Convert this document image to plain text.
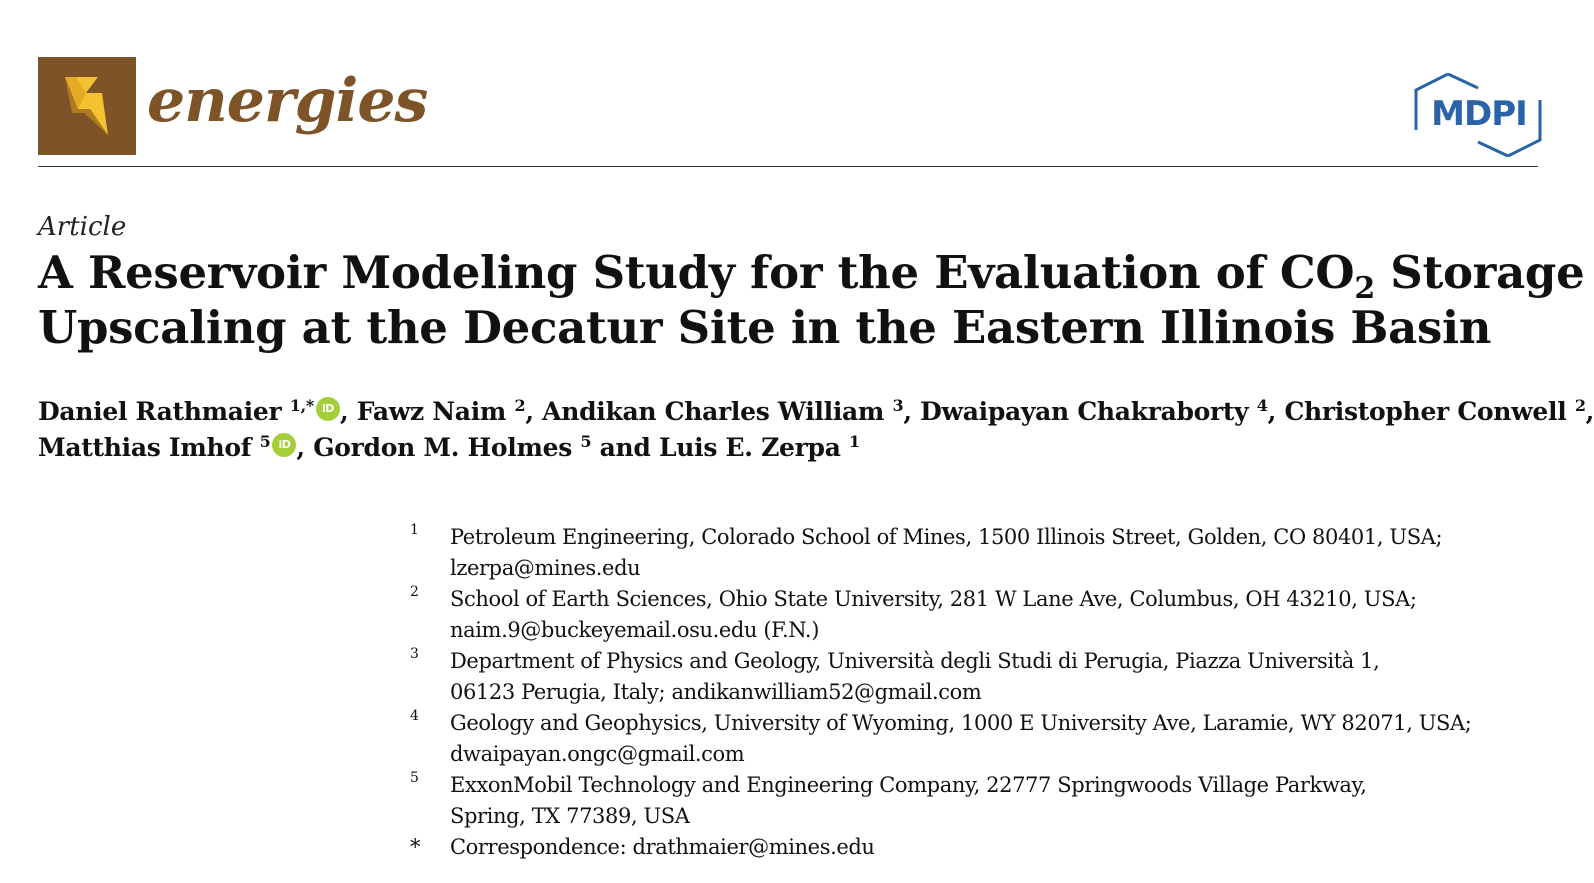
energies	MDPI
Article
A Reservoir Modeling Study for the Evaluation of $CO_2$ Storage
Upscaling at the Decatur Site in the Eastern Illinois Basin
Daniel Rathmaier $^{1,*}$ iD , Fawz Naim $^2$, Andikan Charles William $^3$, Dwaipayan Chakraborty $^4$, Christopher Conwell $^2$,
Matthias Imhof $^5$ iD , Gordon M. Holmes $^5$ and Luis E. Zerpa $^1$
1 Petroleum Engineering, Colorado School of Mines, 1500 Illinois Street, Golden, CO 80401, USA;
lzerpa@mines.edu
2 School of Earth Sciences, Ohio State University, 281 W Lane Ave, Columbus, OH 43210, USA;
naim.9@buckeyemail.osu.edu (F.N.)
3 Department of Physics and Geology, Università degli Studi di Perugia, Piazza Università 1,
06123 Perugia, Italy; andikanwilliam52@gmail.com
4 Geology and Geophysics, University of Wyoming, 1000 E University Ave, Laramie, WY 82071, USA;
dwaipayan.ongc@gmail.com
5 ExxonMobil Technology and Engineering Company, 22777 Springwoods Village Parkway,
Spring, TX 77389, USA
* Correspondence: drathmaier@mines.edu
